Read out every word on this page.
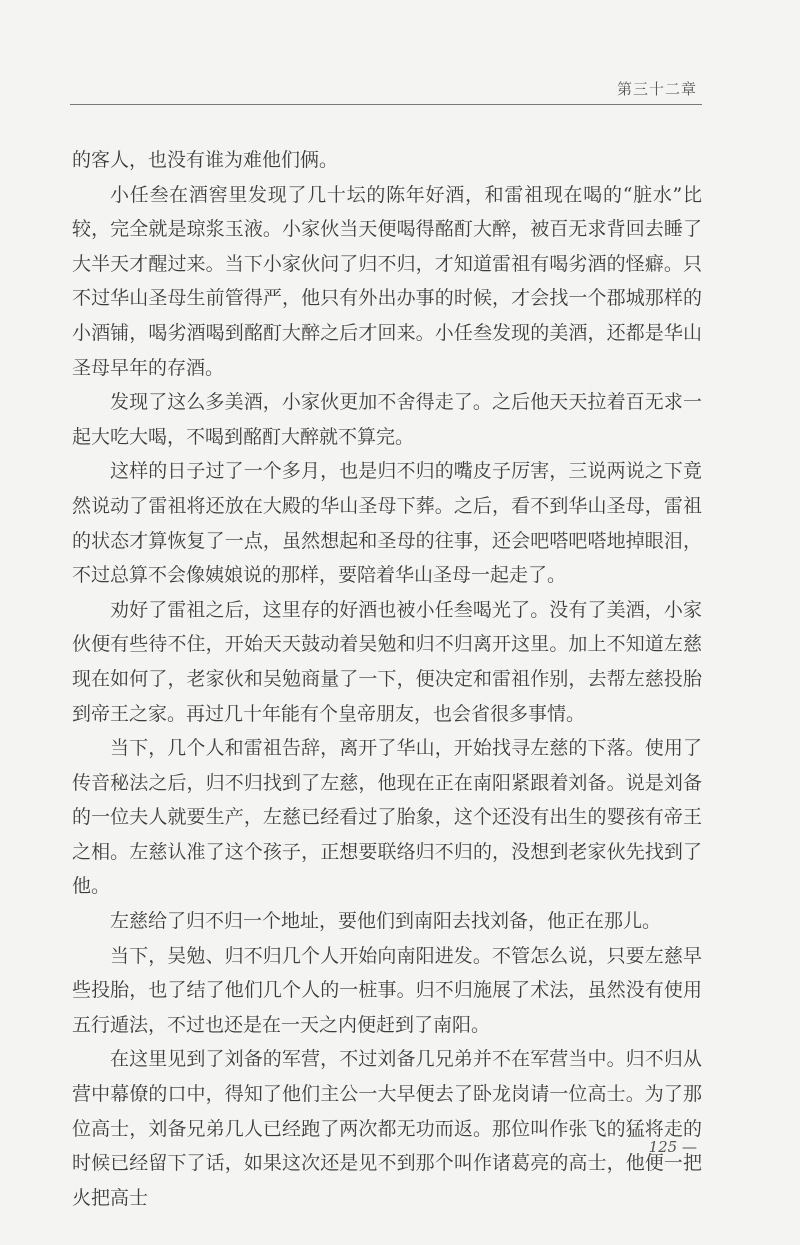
第三十二章

的客人，也没有谁为难他们俩。

小任叁在酒窖里发现了几十坛的陈年好酒，和雷祖现在喝的“脏水”比较，完全就是琼浆玉液。小家伙当天便喝得酩酊大醉，被百无求背回去睡了大半天才醒过来。当下小家伙问了归不归，才知道雷祖有喝劣酒的怪癖。只不过华山圣母生前管得严，他只有外出办事的时候，才会找一个郡城那样的小酒铺，喝劣酒喝到酩酊大醉之后才回来。小任叁发现的美酒，还都是华山圣母早年的存酒。

发现了这么多美酒，小家伙更加不舍得走了。之后他天天拉着百无求一起大吃大喝，不喝到酩酊大醉就不算完。

这样的日子过了一个多月，也是归不归的嘴皮子厉害，三说两说之下竟然说动了雷祖将还放在大殿的华山圣母下葬。之后，看不到华山圣母，雷祖的状态才算恢复了一点，虽然想起和圣母的往事，还会吧嗒吧嗒地掉眼泪，不过总算不会像姨娘说的那样，要陪着华山圣母一起走了。

劝好了雷祖之后，这里存的好酒也被小任叁喝光了。没有了美酒，小家伙便有些待不住，开始天天鼓动着吴勉和归不归离开这里。加上不知道左慈现在如何了，老家伙和吴勉商量了一下，便决定和雷祖作别，去帮左慈投胎到帝王之家。再过几十年能有个皇帝朋友，也会省很多事情。

当下，几个人和雷祖告辞，离开了华山，开始找寻左慈的下落。使用了传音秘法之后，归不归找到了左慈，他现在正在南阳紧跟着刘备。说是刘备的一位夫人就要生产，左慈已经看过了胎象，这个还没有出生的婴孩有帝王之相。左慈认准了这个孩子，正想要联络归不归的，没想到老家伙先找到了他。

左慈给了归不归一个地址，要他们到南阳去找刘备，他正在那儿。

当下，吴勉、归不归几个人开始向南阳进发。不管怎么说，只要左慈早些投胎，也了结了他们几个人的一桩事。归不归施展了术法，虽然没有使用五行遁法，不过也还是在一天之内便赶到了南阳。

在这里见到了刘备的军营，不过刘备几兄弟并不在军营当中。归不归从营中幕僚的口中，得知了他们主公一大早便去了卧龙岗请一位高士。为了那位高士，刘备兄弟几人已经跑了两次都无功而返。那位叫作张飞的猛将走的时候已经留下了话，如果这次还是见不到那个叫作诸葛亮的高士，他便一把火把高士

125 —
